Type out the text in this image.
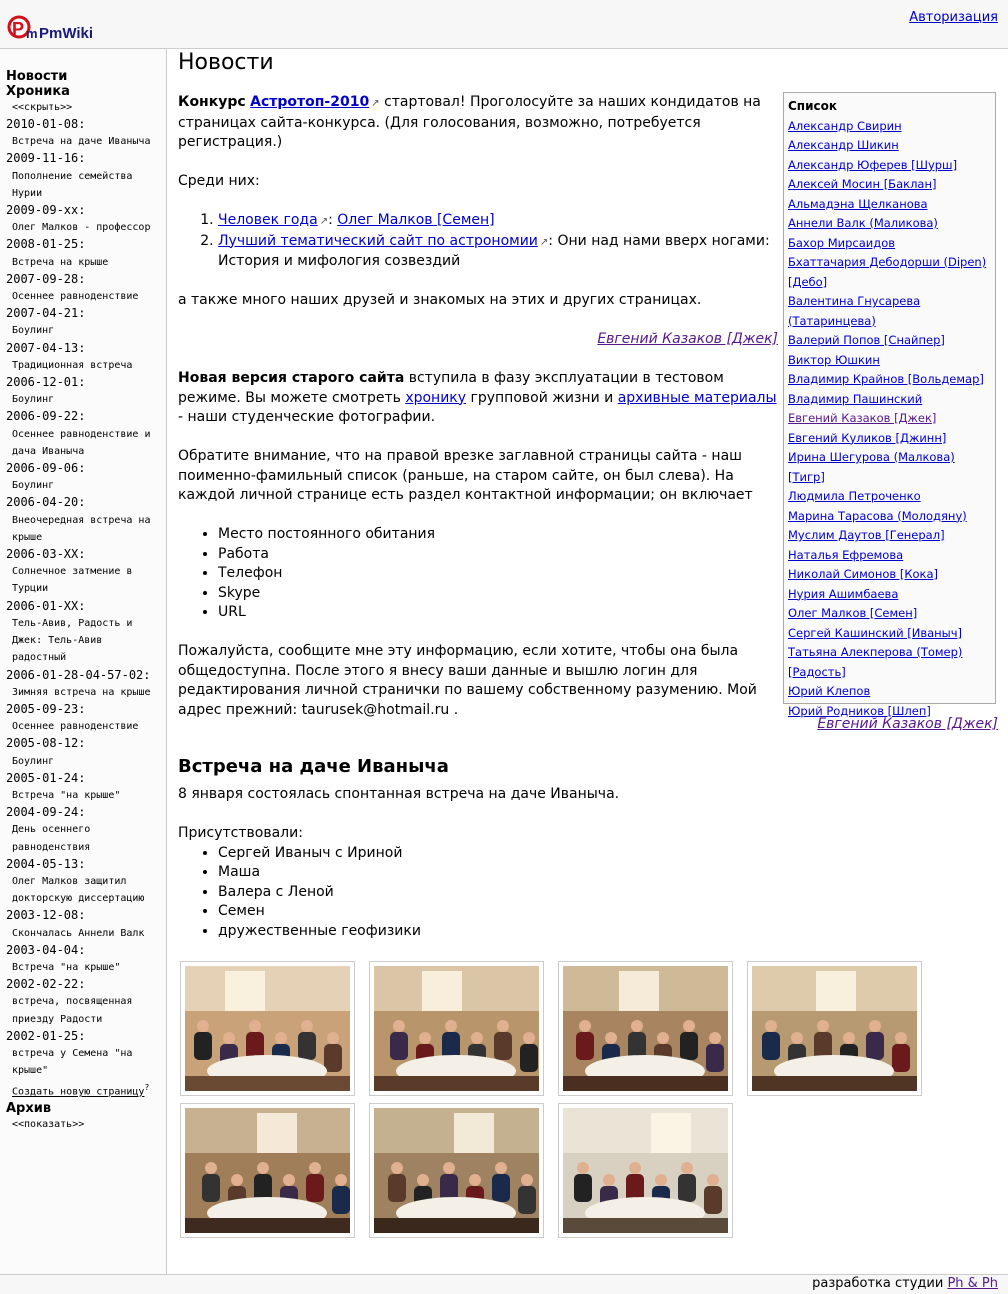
P m PmWiki
Авторизация
Новости
Хроника
<<скрыть>>
2010-01-08:
Встреча на даче Иваныча
2009-11-16:
Пополнение семейства Нурии
2009-09-xx:
Олег Малков - профессор
2008-01-25:
Встреча на крыше
2007-09-28:
Осеннее равноденствие
2007-04-21:
Боулинг
2007-04-13:
Традиционная встреча
2006-12-01:
Боулинг
2006-09-22:
Осеннее равноденствие и дача Иваныча
2006-09-06:
Боулинг
2006-04-20:
Внеочередная встреча на крыше
2006-03-XX:
Солнечное затмение в Турции
2006-01-XX:
Тель-Авив, Радость и Джек: Тель-Авив радостный
2006-01-28-04-57-02:
Зимняя встреча на крыше
2005-09-23:
Осеннее равноденствие
2005-08-12:
Боулинг
2005-01-24:
Встреча "на крыше"
2004-09-24:
День осеннего равноденствия
2004-05-13:
Олег Малков защитил докторскую диссертацию
2003-12-08:
Скончалась Аннели Валк
2003-04-04:
Встреча "на крыше"
2002-02-22:
встреча, посвященная приезду Радости
2002-01-25:
встреча у Семена "на крыше"
Создать новую страницу?
Архив
<<показать>>
Новости

Конкурс Астротоп-2010 ↗ стартовал! Проголосуйте за наших кондидатов на страницах сайта-конкурса. (Для голосования, возможно, потребуется регистрация.)

Среди них:

1. Человек года ↗: Олег Малков [Семен]
2. Лучший тематический сайт по астрономии ↗: Они над нами вверх ногами: История и мифология созвездий

а также много наших друзей и знакомых на этих и других страницах.

Евгений Казаков [Джек]

Новая версия старого сайта вступила в фазу эксплуатации в тестовом режиме. Вы можете смотреть хронику групповой жизни и архивные материалы - наши студенческие фотографии.

Обратите внимание, что на правой врезке заглавной страницы сайта - наш поименно-фамильный список (раньше, на старом сайте, он был слева). На каждой личной странице есть раздел контактной информации; он включает

• Место постоянного обитания
• Работа
• Телефон
• Skype
• URL

Пожалуйста, сообщите мне эту информацию, если хотите, чтобы она была общедоступна. После этого я внесу ваши данные и вышлю логин для редактирования личной странички по вашему собственному разумению. Мой адрес прежний: taurusek@hotmail.ru .

Список
Александр Свирин
Александр Шикин
Александр Юферев [Шурш]
Алексей Мосин [Баклан]
Альмадэна Щелканова
Аннели Валк (Маликова)
Бахор Мирсаидов
Бхаттачария Дебодорши (Dipen)
[Дебо]
Валентина Гнусарева
(Татаринцева)
Валерий Попов [Снайпер]
Виктор Юшкин
Владимир Крайнов [Вольдемар]
Владимир Пашинский
Евгений Казаков [Джек]
Евгений Куликов [Джинн]
Ирина Шегурова (Малкова) [Тигр]
Людмила Петроченко
Марина Тарасова (Молодяну)
Муслим Даутов [Генерал]
Наталья Ефремова
Николай Симонов [Кока]
Нурия Ашимбаева
Олег Малков [Семен]
Сергей Кашинский [Иваныч]
Татьяна Алекперова (Томер)
[Радость]
Юрий Клепов
Юрий Родников [Шлеп]
Евгений Казаков [Джек]
Встреча на даче Иваныча

8 января состоялась спонтанная встреча на даче Иваныча.

Присутствовали:

• Сергей Иваныч с Ириной
• Маша
• Валера с Леной
• Семен
• дружественные геофизики
разработка студии Ph & Ph
